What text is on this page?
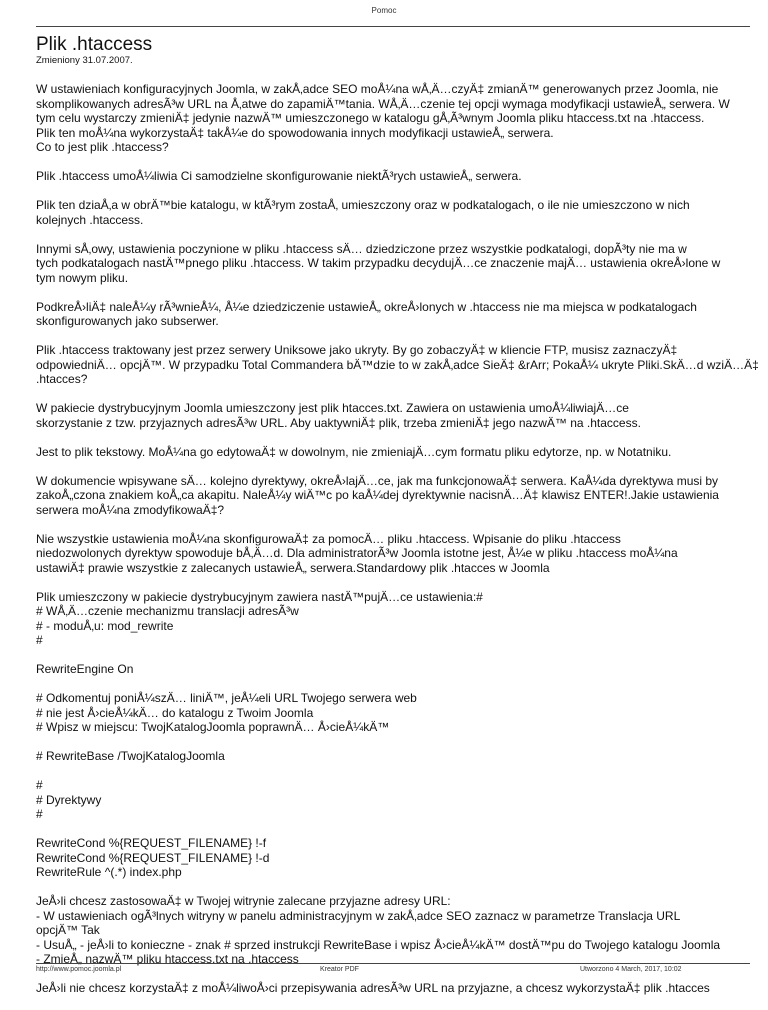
Pomoc
Plik .htaccess
Zmieniony 31.07.2007.

W ustawieniach konfiguracyjnych Joomla, w zakÅ‚adce SEO moÅ¼na wÅ‚Ä…czyÄ‡ zmianÄ™ generowanych przez Joomla, nie
skomplikowanych adresÃ³w URL na Å‚atwe do zapamiÄ™tania. WÅ‚Ä…czenie tej opcji wymaga modyfikacji ustawieÅ„ serwera. W
tym celu wystarczy zmieniÄ‡ jedynie nazwÄ™ umieszczonego w katalogu gÅ‚Ã³wnym Joomla pliku htaccess.txt na .htaccess.
Plik ten moÅ¼na wykorzystaÄ‡ takÅ¼e do spowodowania innych modyfikacji ustawieÅ„ serwera.
Co to jest plik .htaccess?

Plik .htaccess umoÅ¼liwia Ci samodzielne skonfigurowanie niektÃ³rych ustawieÅ„ serwera.

Plik ten dziaÅ‚a w obrÄ™bie katalogu, w ktÃ³rym zostaÅ‚ umieszczony oraz w podkatalogach, o ile nie umieszczono w nich
kolejnych .htaccess.

Innymi sÅ‚owy, ustawienia poczynione w pliku .htaccess sÄ… dziedziczone przez wszystkie podkatalogi, dopÃ³ty nie ma w
tych podkatalogach nastÄ™pnego pliku .htaccess. W takim przypadku decydujÄ…ce znaczenie majÄ… ustawienia okreÅ›lone w
tym nowym pliku.

PodkreÅ›liÄ‡ naleÅ¼y rÃ³wnieÅ¼, Å¼e dziedziczenie ustawieÅ„ okreÅ›lonych w .htaccess nie ma miejsca w podkatalogach
skonfigurowanych jako subserwer.

Plik .htaccess traktowany jest przez serwery Uniksowe jako ukryty. By go zobaczyÄ‡ w kliencie FTP, musisz zaznaczyÄ‡
odpowiedniÄ… opcjÄ™. W przypadku Total Commandera bÄ™dzie to w zakÅ‚adce SieÄ‡ &rArr; PokaÅ¼ ukryte Pliki.SkÄ…d wziÄ…Ä‡
.htacces?

W pakiecie dystrybucyjnym Joomla umieszczony jest plik htacces.txt. Zawiera on ustawienia umoÅ¼liwiajÄ…ce
skorzystanie z tzw. przyjaznych adresÃ³w URL. Aby uaktywniÄ‡ plik, trzeba zmieniÄ‡ jego nazwÄ™ na .htaccess.

Jest to plik tekstowy. MoÅ¼na go edytowaÄ‡ w dowolnym, nie zmieniajÄ…cym formatu pliku edytorze, np. w Notatniku.

W dokumencie wpisywane sÄ… kolejno dyrektywy, okreÅ›lajÄ…ce, jak ma funkcjonowaÄ‡ serwera. KaÅ¼da dyrektywa musi by
zakoÅ„czona znakiem koÅ„ca akapitu. NaleÅ¼y wiÄ™c po kaÅ¼dej dyrektywnie nacisnÄ…Ä‡ klawisz ENTER!.Jakie ustawienia
serwera moÅ¼na zmodyfikowaÄ‡?

Nie wszystkie ustawienia moÅ¼na skonfigurowaÄ‡ za pomocÄ… pliku .htaccess. Wpisanie do pliku .htaccess
niedozwolonych dyrektyw spowoduje bÅ‚Ä…d. Dla administratorÃ³w Joomla istotne jest, Å¼e w pliku .htaccess moÅ¼na
ustawiÄ‡ prawie wszystkie z zalecanych ustawieÅ„ serwera.Standardowy plik .htacces w Joomla

Plik umieszczony w pakiecie dystrybucyjnym zawiera nastÄ™pujÄ…ce ustawienia:#
# WÅ‚Ä…czenie mechanizmu translacji adresÃ³w
# - moduÅ‚u: mod_rewrite
#

RewriteEngine On

# Odkomentuj poniÅ¼szÄ… liniÄ™, jeÅ¼eli URL Twojego serwera web
# nie jest Å›cieÅ¼kÄ… do katalogu z Twoim Joomla
# Wpisz w miejscu: TwojKatalogJoomla poprawnÄ… Å›cieÅ¼kÄ™

# RewriteBase /TwojKatalogJoomla

#
# Dyrektywy
#

RewriteCond %{REQUEST_FILENAME} !-f
RewriteCond %{REQUEST_FILENAME} !-d
RewriteRule ^(.*) index.php

JeÅ›li chcesz zastosowaÄ‡ w Twojej witrynie zalecane przyjazne adresy URL:
- W ustawieniach ogÃ³lnych witryny w panelu administracyjnym w zakÅ‚adce SEO zaznacz w parametrze Translacja URL
opcjÄ™ Tak
- UsuÅ„ - jeÅ›li to konieczne - znak # sprzed instrukcji RewriteBase i wpisz Å›cieÅ¼kÄ™ dostÄ™pu do Twojego katalogu Joomla
- ZmieÅ„ nazwÄ™ pliku htaccess.txt na .htaccess

JeÅ›li nie chcesz korzystaÄ‡ z moÅ¼liwoÅ›ci przepisywania adresÃ³w URL na przyjazne, a chcesz wykorzystaÄ‡ plik .htacces

http://www.pomoc.joomla.pl	Kreator PDF	Utworzono 4 March, 2017, 10:02
